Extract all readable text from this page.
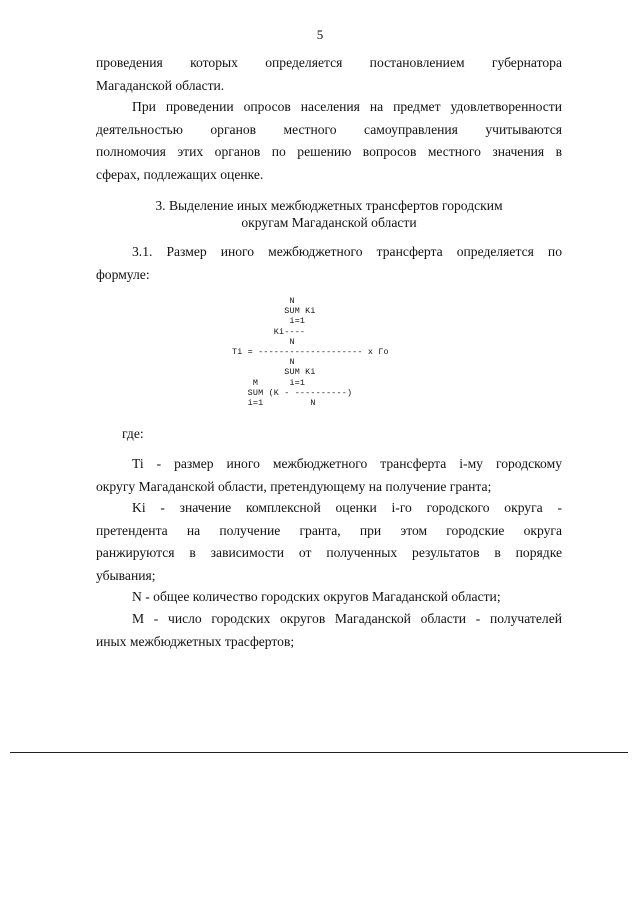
5
проведения которых определяется постановлением губернатора
Магаданской области.
При проведении опросов населения на предмет удовлетворенности
деятельностью органов местного самоуправления учитываются
полномочия этих органов по решению вопросов местного значения в
сферах, подлежащих оценке.
3. Выделение иных межбюджетных трансфертов городским
округам Магаданской области
3.1. Размер иного межбюджетного трансферта определяется по
формуле:
N
SUM Ki
i=1
Ki----
N
Ti = -------------------- x Го
N
SUM Ki
M      i=1
SUM (K - ----------)
i=1         N
где:
Ti - размер иного межбюджетного трансферта i-му городскому
округу Магаданской области, претендующему на получение гранта;
Ki - значение комплексной оценки i-го городского округа -
претендента на получение гранта, при этом городские округа
ранжируются в зависимости от полученных результатов в порядке
убывания;
N - общее количество городских округов Магаданской области;
M - число городских округов Магаданской области - получателей
иных межбюджетных трасфертов;
